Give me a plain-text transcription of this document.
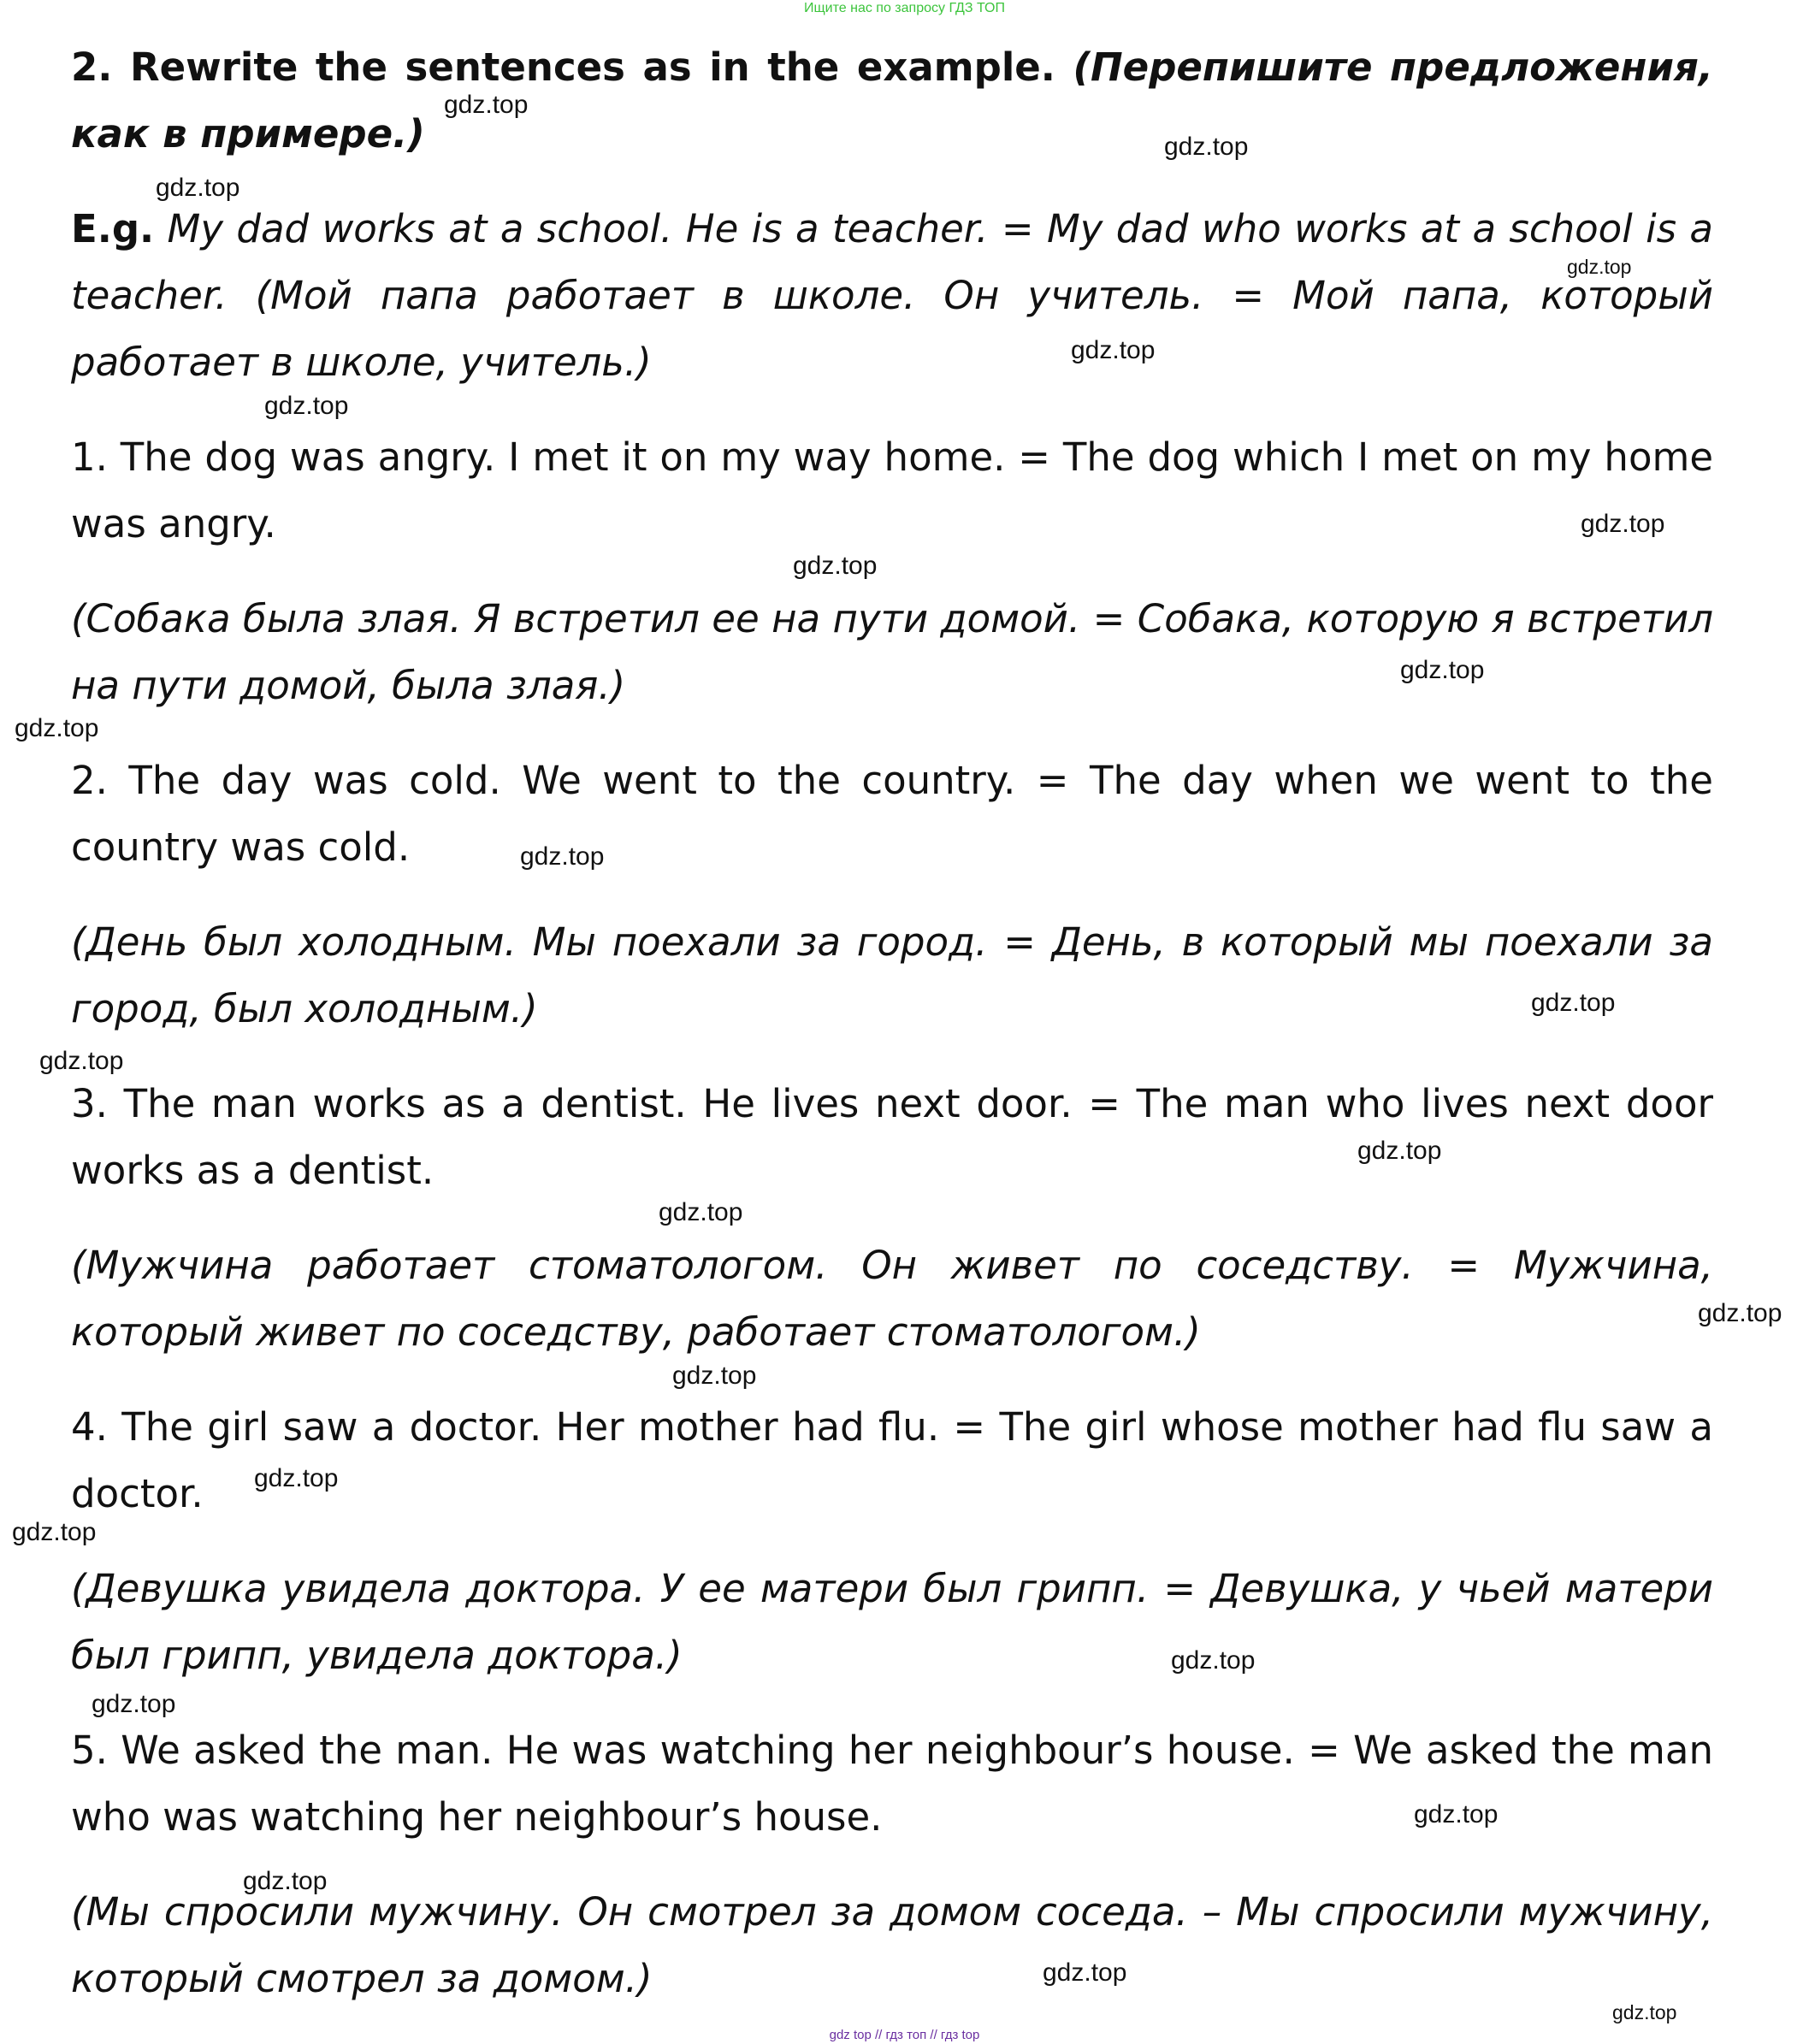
Ищите нас по запросу ГДЗ ТОП

2. Rewrite the sentences as in the example. (Перепишите предложения, как в примере.)

E.g. My dad works at a school. He is a teacher. = My dad who works at a school is a teacher. (Мой папа работает в школе. Он учитель. = Мой папа, который работает в школе, учитель.)

1. The dog was angry. I met it on my way home. = The dog which I met on my home was angry.

(Собака была злая. Я встретил ее на пути домой. = Собака, которую я встретил на пути домой, была злая.)

2. The day was cold. We went to the country. = The day when we went to the country was cold.

(День был холодным. Мы поехали за город. = День, в который мы поехали за город, был холодным.)

3. The man works as a dentist. He lives next door. = The man who lives next door works as a dentist.

(Мужчина работает стоматологом. Он живет по соседству. = Мужчина, который живет по соседству, работает стоматологом.)

4. The girl saw a doctor. Her mother had flu. = The girl whose mother had flu saw a doctor.

(Девушка увидела доктора. У ее матери был грипп. = Девушка, у чьей матери был грипп, увидела доктора.)

5. We asked the man. He was watching her neighbour’s house. = We asked the man who was watching her neighbour’s house.

(Мы спросили мужчину. Он смотрел за домом соседа. – Мы спросили мужчину, который смотрел за домом.)

gdz.top
gdz.top
gdz.top
gdz.top
gdz.top
gdz.top
gdz.top
gdz.top
gdz.top
gdz.top
gdz.top
gdz.top
gdz.top
gdz.top
gdz.top
gdz.top
gdz.top
gdz.top
gdz.top
gdz.top
gdz.top
gdz.top
gdz.top
gdz.top
gdz.top
gdz top // гдз топ // гдз top
